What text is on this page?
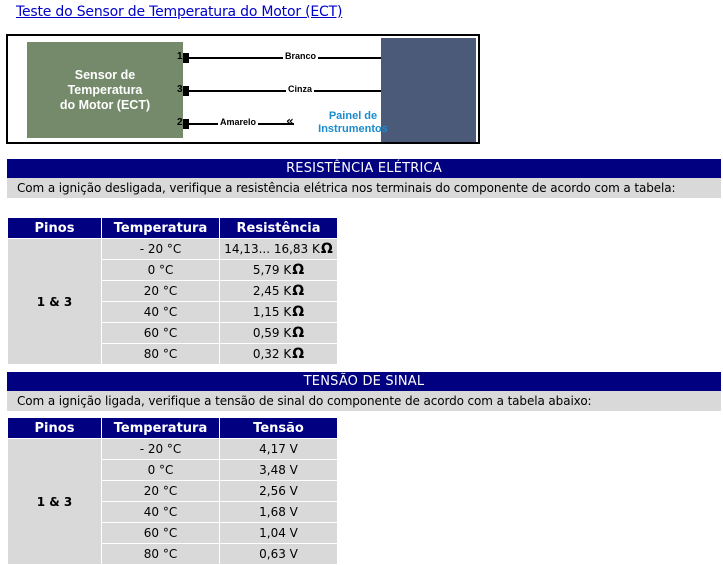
Teste do Sensor de Temperatura do Motor (ECT)
Sensor de
Temperatura
do Motor (ECT)
1	Branco
3	Cinza
2	Amarelo «	Painel de
Instrumentos
RESISTÊNCIA ELÉTRICA
Com a ignição desligada, verifique a resistência elétrica nos terminais do componente de acordo com a tabela:
Pinos	Temperatura	Resistência
1 & 3	- 20 °C	14,13... 16,83 KΩ
	0 °C	5,79 KΩ
	20 °C	2,45 KΩ
	40 °C	1,15 KΩ
	60 °C	0,59 KΩ
	80 °C	0,32 KΩ
TENSÃO DE SINAL
Com a ignição ligada, verifique a tensão de sinal do componente de acordo com a tabela abaixo:
Pinos	Temperatura	Tensão
1 & 3	- 20 °C	4,17 V
	0 °C	3,48 V
	20 °C	2,56 V
	40 °C	1,68 V
	60 °C	1,04 V
	80 °C	0,63 V
